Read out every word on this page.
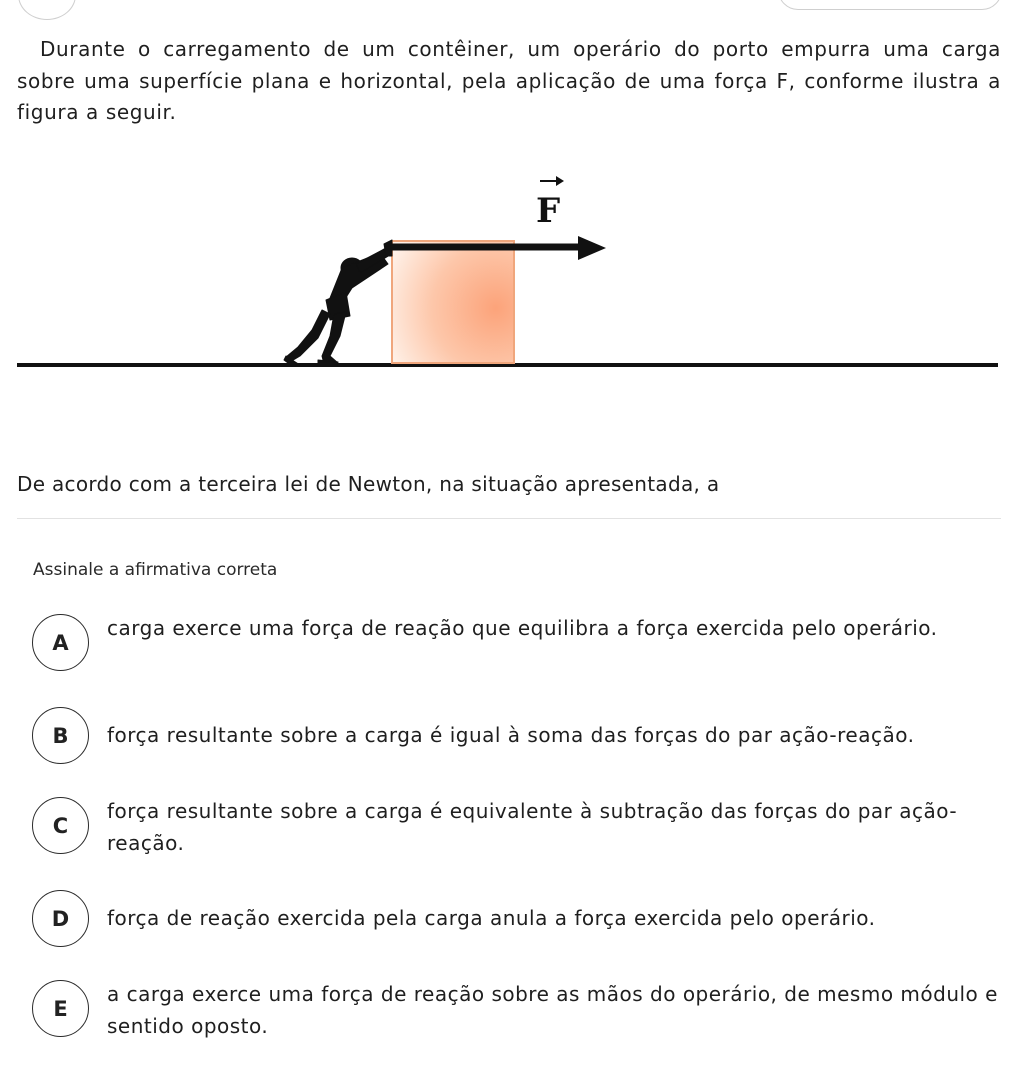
Durante o carregamento de um contêiner, um operário do porto empurra uma carga sobre uma superfície plana e horizontal, pela aplicação de uma força F, conforme ilustra a figura a seguir.

F

De acordo com a terceira lei de Newton, na situação apresentada, a

Assinale a afirmativa correta

A
carga exerce uma força de reação que equilibra a força exercida pelo operário.
B	força resultante sobre a carga é igual à soma das forças do par ação-reação.
C
força resultante sobre a carga é equivalente à subtração das forças do par ação-reação.
D	força de reação exercida pela carga anula a força exercida pelo operário.
E
a carga exerce uma força de reação sobre as mãos do operário, de mesmo módulo e sentido oposto.
